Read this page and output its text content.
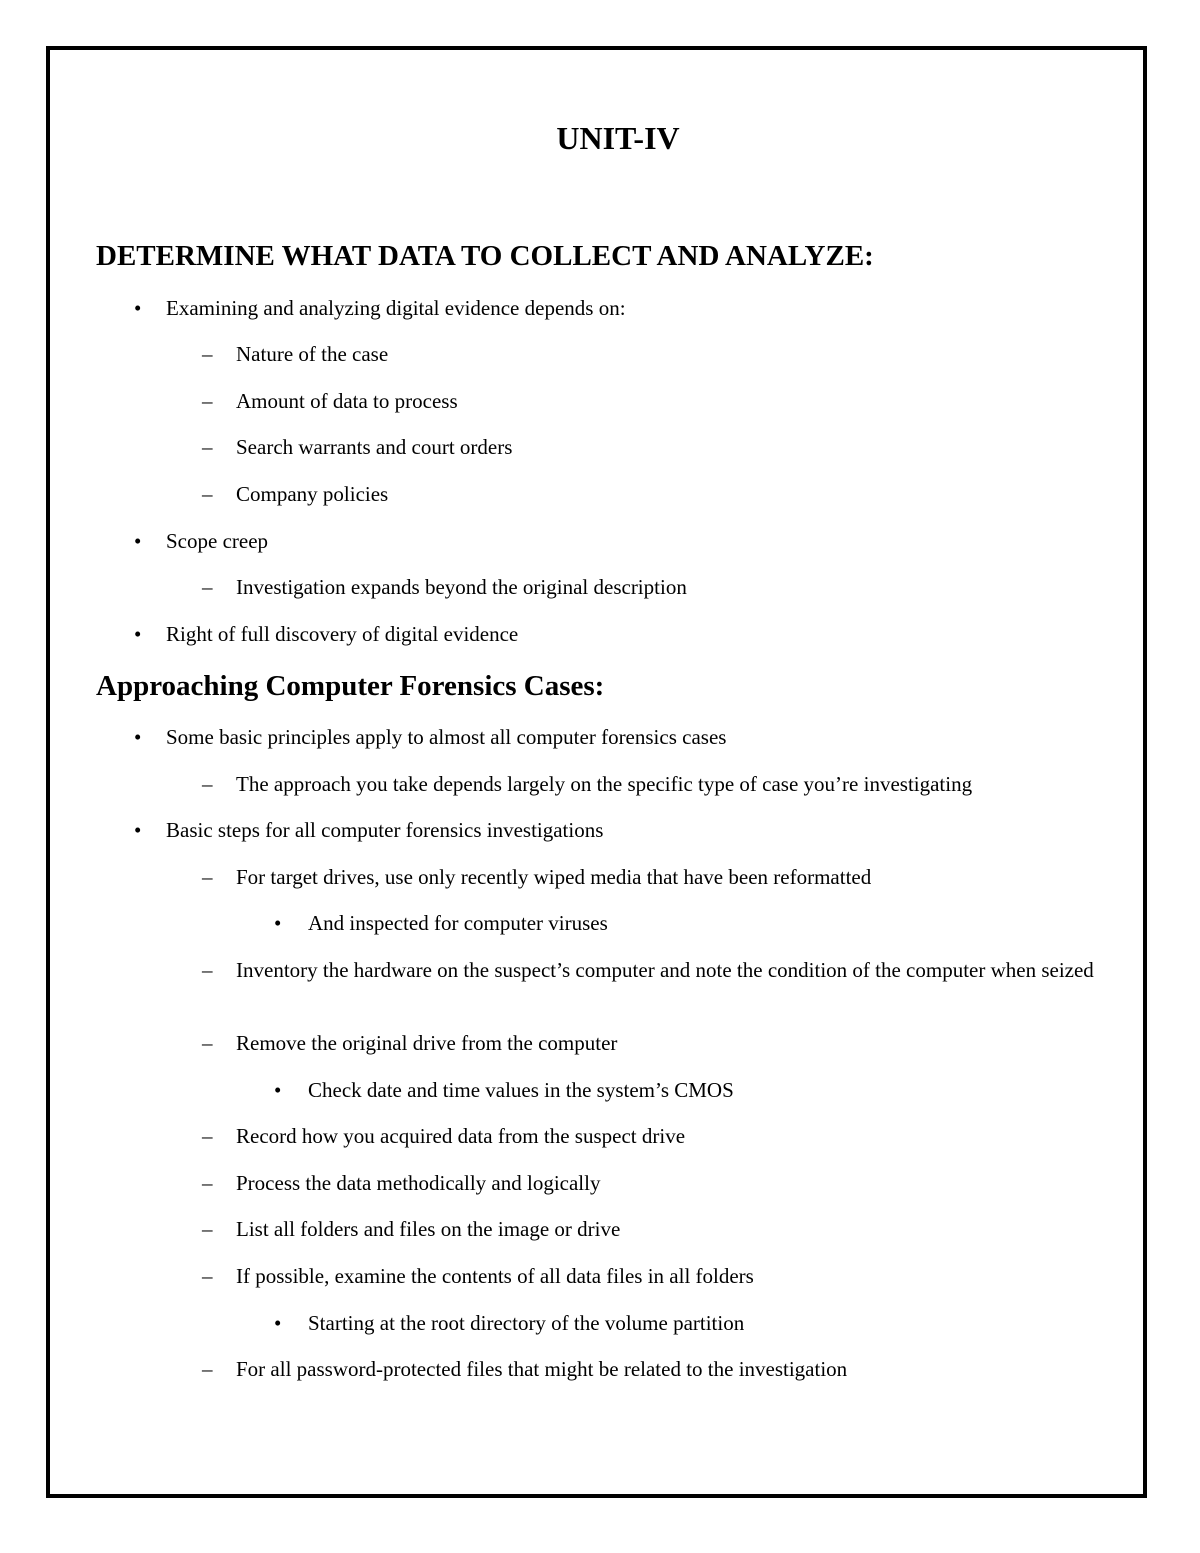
UNIT-IV
DETERMINE WHAT DATA TO COLLECT AND ANALYZE:
• Examining and analyzing digital evidence depends on:
– Nature of the case
– Amount of data to process
– Search warrants and court orders
– Company policies
• Scope creep
– Investigation expands beyond the original description
• Right of full discovery of digital evidence
Approaching Computer Forensics Cases:
• Some basic principles apply to almost all computer forensics cases
– The approach you take depends largely on the specific type of case you’re investigating
• Basic steps for all computer forensics investigations
– For target drives, use only recently wiped media that have been reformatted
• And inspected for computer viruses
– Inventory the hardware on the suspect’s computer and note the condition of the computer when seized
– Remove the original drive from the computer
• Check date and time values in the system’s CMOS
– Record how you acquired data from the suspect drive
– Process the data methodically and logically
– List all folders and files on the image or drive
– If possible, examine the contents of all data files in all folders
• Starting at the root directory of the volume partition
– For all password-protected files that might be related to the investigation
